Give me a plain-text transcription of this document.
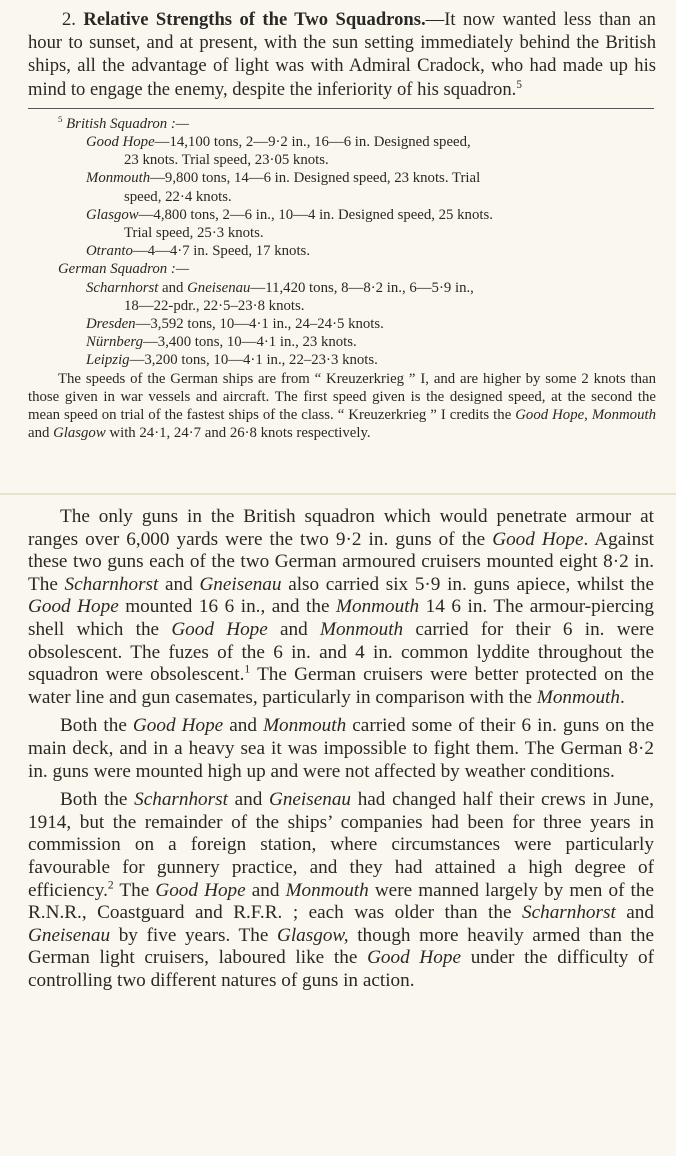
2. Relative Strengths of the Two Squadrons.—It now wanted less than an hour to sunset, and at present, with the sun setting immediately behind the British ships, all the advantage of light was with Admiral Cradock, who had made up his mind to engage the enemy, despite the inferiority of his squadron.$^5$

$^5$ British Squadron :—
Good Hope—14,100 tons, 2—9·2 in., 16—6 in. Designed speed,
23 knots. Trial speed, 23·05 knots.
Monmouth—9,800 tons, 14—6 in. Designed speed, 23 knots. Trial
speed, 22·4 knots.
Glasgow—4,800 tons, 2—6 in., 10—4 in. Designed speed, 25 knots.
Trial speed, 25·3 knots.
Otranto—4—4·7 in. Speed, 17 knots.
German Squadron :—
Scharnhorst and Gneisenau—11,420 tons, 8—8·2 in., 6—5·9 in.,
18—22-pdr., 22·5–23·8 knots.
Dresden—3,592 tons, 10—4·1 in., 24–24·5 knots.
Nürnberg—3,400 tons, 10—4·1 in., 23 knots.
Leipzig—3,200 tons, 10—4·1 in., 22–23·3 knots.

The speeds of the German ships are from “ Kreuzerkrieg ” I, and are higher by some 2 knots than those given in war vessels and aircraft. The first speed given is the designed speed, at the second the mean speed on trial of the fastest ships of the class. “ Kreuzerkrieg ” I credits the Good Hope, Monmouth and Glasgow with 24·1, 24·7 and 26·8 knots respectively.

The only guns in the British squadron which would penetrate armour at ranges over 6,000 yards were the two 9·2 in. guns of the Good Hope. Against these two guns each of the two German armoured cruisers mounted eight 8·2 in. The Scharnhorst and Gneisenau also carried six 5·9 in. guns apiece, whilst the Good Hope mounted 16 6 in., and the Monmouth 14 6 in. The armour-piercing shell which the Good Hope and Monmouth carried for their 6 in. were obsolescent. The fuzes of the 6 in. and 4 in. common lyddite throughout the squadron were obsolescent.$^1$ The German cruisers were better protected on the water line and gun casemates, particularly in comparison with the Monmouth.

Both the Good Hope and Monmouth carried some of their 6 in. guns on the main deck, and in a heavy sea it was impossible to fight them. The German 8·2 in. guns were mounted high up and were not affected by weather conditions.

Both the Scharnhorst and Gneisenau had changed half their crews in June, 1914, but the remainder of the ships’ companies had been for three years in commission on a foreign station, where circumstances were particularly favourable for gunnery practice, and they had attained a high degree of efficiency.$^2$ The Good Hope and Monmouth were manned largely by men of the R.N.R., Coastguard and R.F.R. ; each was older than the Scharnhorst and Gneisenau by five years. The Glasgow, though more heavily armed than the German light cruisers, laboured like the Good Hope under the difficulty of controlling two different natures of guns in action.
